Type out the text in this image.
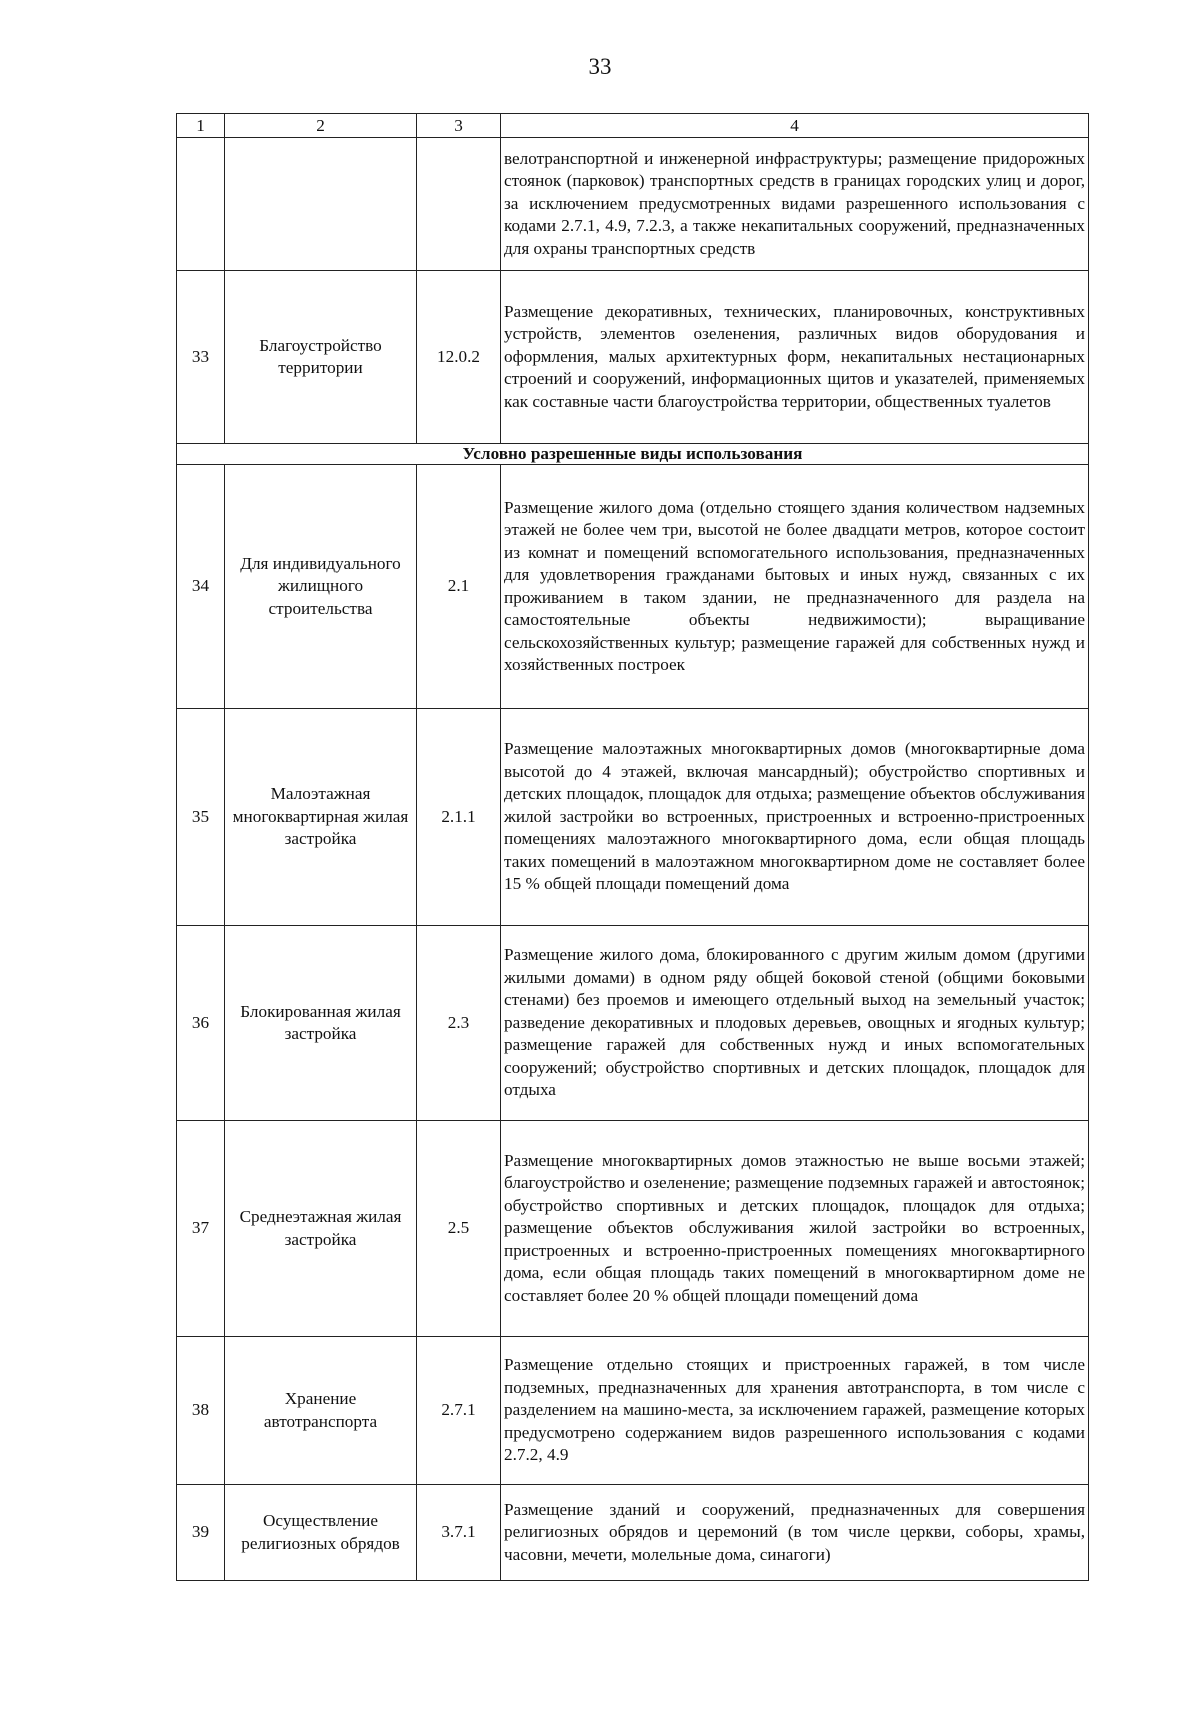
33
1	2	3	4
			велотранспортной и инженерной инфраструктуры; размещение придорожных стоянок (парковок) транспортных средств в границах городских улиц и дорог, за исключением предусмотренных видами разрешенного использования с кодами 2.7.1, 4.9, 7.2.3, а также некапитальных сооружений, предназначенных для охраны транспортных средств
33	Благоустройство территории	12.0.2	Размещение декоративных, технических, планировочных, конструктивных устройств, элементов озеленения, различных видов оборудования и оформления, малых архитектурных форм, некапитальных нестационарных строений и сооружений, информационных щитов и указателей, применяемых как составные части благоустройства территории, общественных туалетов
Условно разрешенные виды использования			
34	Для индивидуального жилищного строительства	2.1	Размещение жилого дома (отдельно стоящего здания количеством надземных этажей не более чем три, высотой не более двадцати метров, которое состоит из комнат и помещений вспомогательного использования, предназначенных для удовлетворения гражданами бытовых и иных нужд, связанных с их проживанием в таком здании, не предназначенного для раздела на самостоятельные объекты недвижимости); выращивание сельскохозяйственных культур; размещение гаражей для собственных нужд и хозяйственных построек
35	Малоэтажная многоквартирная жилая застройка	2.1.1	Размещение малоэтажных многоквартирных домов (многоквартирные дома высотой до 4 этажей, включая мансардный); обустройство спортивных и детских площадок, площадок для отдыха; размещение объектов обслуживания жилой застройки во встроенных, пристроенных и встроенно-пристроенных помещениях малоэтажного многоквартирного дома, если общая площадь таких помещений в малоэтажном многоквартирном доме не составляет более 15 % общей площади помещений дома
36	Блокированная жилая застройка	2.3	Размещение жилого дома, блокированного с другим жилым домом (другими жилыми домами) в одном ряду общей боковой стеной (общими боковыми стенами) без проемов и имеющего отдельный выход на земельный участок; разведение декоративных и плодовых деревьев, овощных и ягодных культур; размещение гаражей для собственных нужд и иных вспомогательных сооружений; обустройство спортивных и детских площадок, площадок для отдыха
37	Среднеэтажная жилая застройка	2.5	Размещение многоквартирных домов этажностью не выше восьми этажей; благоустройство и озеленение; размещение подземных гаражей и автостоянок; обустройство спортивных и детских площадок, площадок для отдыха; размещение объектов обслуживания жилой застройки во встроенных, пристроенных и встроенно-пристроенных помещениях многоквартирного дома, если общая площадь таких помещений в многоквартирном доме не составляет более 20 % общей площади помещений дома
38	Хранение автотранспорта	2.7.1	Размещение отдельно стоящих и пристроенных гаражей, в том числе подземных, предназначенных для хранения автотранспорта, в том числе с разделением на машино-места, за исключением гаражей, размещение которых предусмотрено содержанием видов разрешенного использования с кодами 2.7.2, 4.9
39	Осуществление религиозных обрядов	3.7.1	Размещение зданий и сооружений, предназначенных для совершения религиозных обрядов и церемоний (в том числе церкви, соборы, храмы, часовни, мечети, молельные дома, синагоги)
